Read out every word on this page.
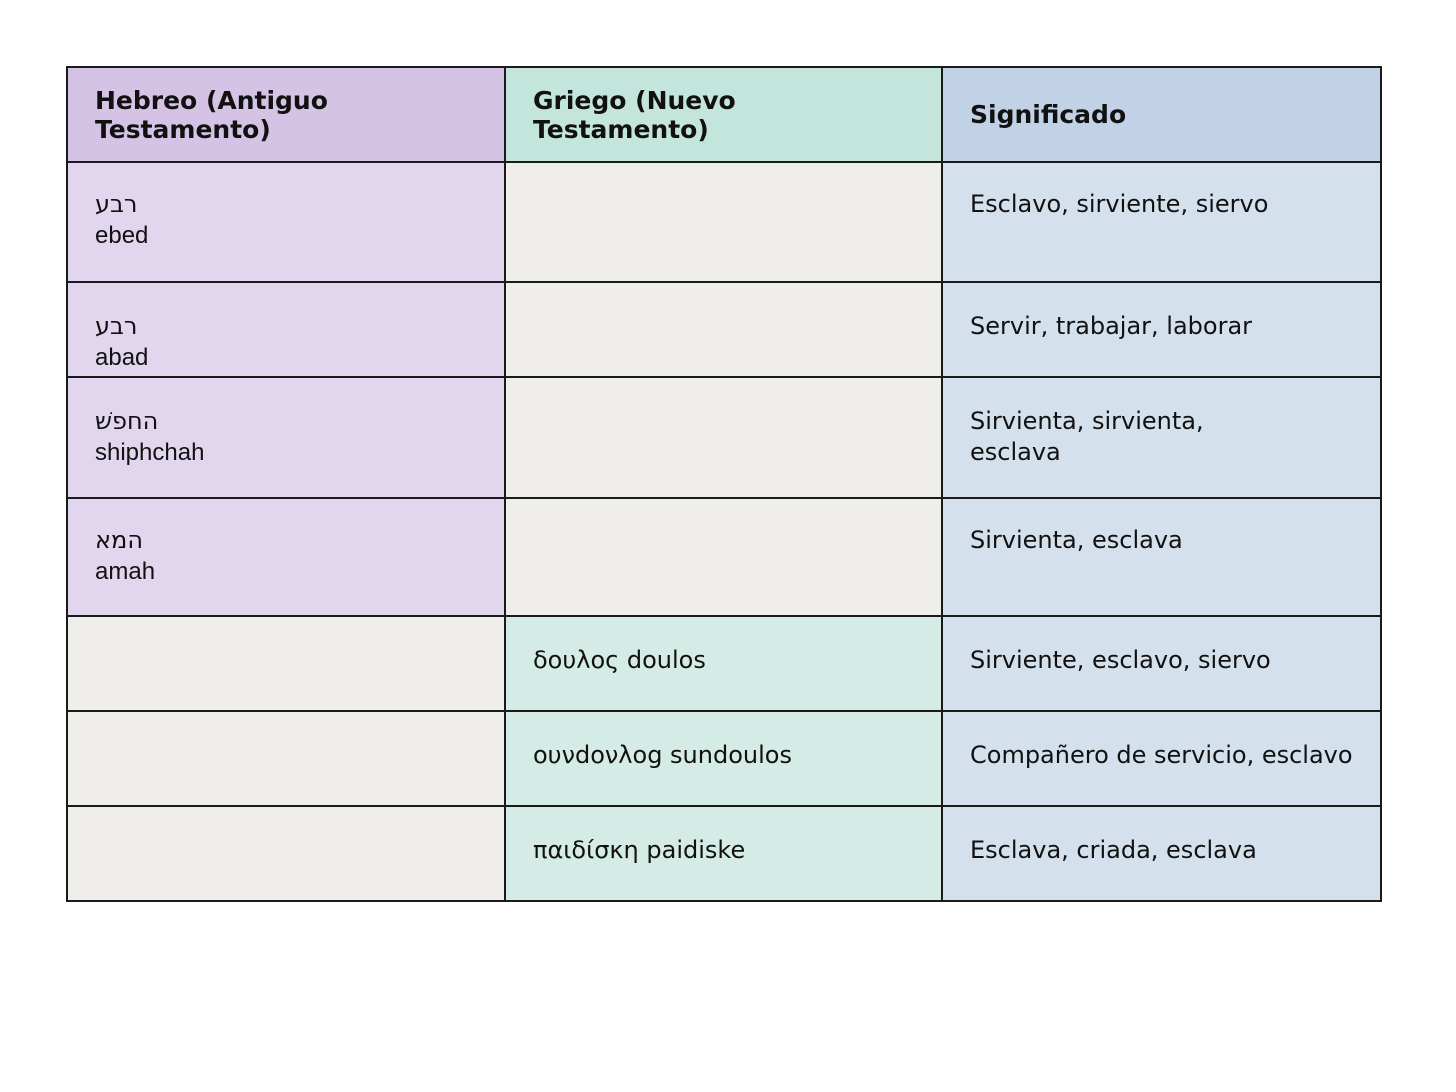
Hebreo (Antiguo Testamento)	Griego (Nuevo Testamento)	Significado

רבע
ebed		Esclavo, sirviente, siervo

רבע
abad		Servir, trabajar, laborar

החפשׁ
shiphchah		Sirvienta, sirvienta, esclava

המא
amah		Sirvienta, esclava
	δουλος doulos	Sirviente, esclavo, siervo
	ουνdονλog sundoulos	Compañero de servicio, esclavo
	παιδίσκη paidiske	Esclava, criada, esclava
